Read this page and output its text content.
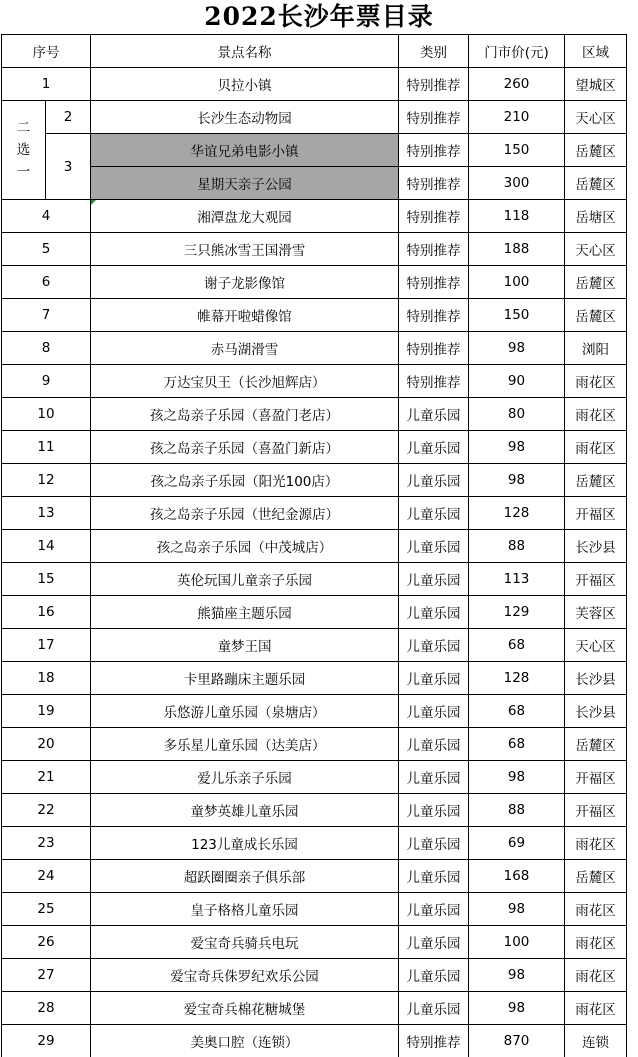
2022长沙年票目录
序号		景点名称	类别	门市价(元)	区域
1		贝拉小镇	特别推荐	260	望城区

二
选
一	2	长沙生态动物园	特别推荐	210	天心区
	3	华谊兄弟电影小镇	特别推荐	150	岳麓区
		星期天亲子公园	特别推荐	300	岳麓区
4		湘潭盘龙大观园	特别推荐	118	岳塘区
5		三只熊冰雪王国滑雪	特别推荐	188	天心区
6		谢子龙影像馆	特别推荐	100	岳麓区
7		帷幕开啦蜡像馆	特别推荐	150	岳麓区
8		赤马湖滑雪	特别推荐	98	浏阳
9		万达宝贝王（长沙旭辉店）	特别推荐	90	雨花区
10		孩之岛亲子乐园（喜盈门老店）	儿童乐园	80	雨花区
11		孩之岛亲子乐园（喜盈门新店）	儿童乐园	98	雨花区
12		孩之岛亲子乐园（阳光100店）	儿童乐园	98	岳麓区
13		孩之岛亲子乐园（世纪金源店）	儿童乐园	128	开福区
14		孩之岛亲子乐园（中茂城店）	儿童乐园	88	长沙县
15		英伦玩国儿童亲子乐园	儿童乐园	113	开福区
16		熊猫座主题乐园	儿童乐园	129	芙蓉区
17		童梦王国	儿童乐园	68	天心区
18		卡里路蹦床主题乐园	儿童乐园	128	长沙县
19		乐悠游儿童乐园（泉塘店）	儿童乐园	68	长沙县
20		多乐星儿童乐园（达美店）	儿童乐园	68	岳麓区
21		爱儿乐亲子乐园	儿童乐园	98	开福区
22		童梦英雄儿童乐园	儿童乐园	88	开福区
23		123儿童成长乐园	儿童乐园	69	雨花区
24		超跃圈圈亲子俱乐部	儿童乐园	168	岳麓区
25		皇子格格儿童乐园	儿童乐园	98	雨花区
26		爱宝奇兵骑兵电玩	儿童乐园	100	雨花区
27		爱宝奇兵侏罗纪欢乐公园	儿童乐园	98	雨花区
28		爱宝奇兵棉花糖城堡	儿童乐园	98	雨花区
29		美奥口腔（连锁）	特别推荐	870	连锁
